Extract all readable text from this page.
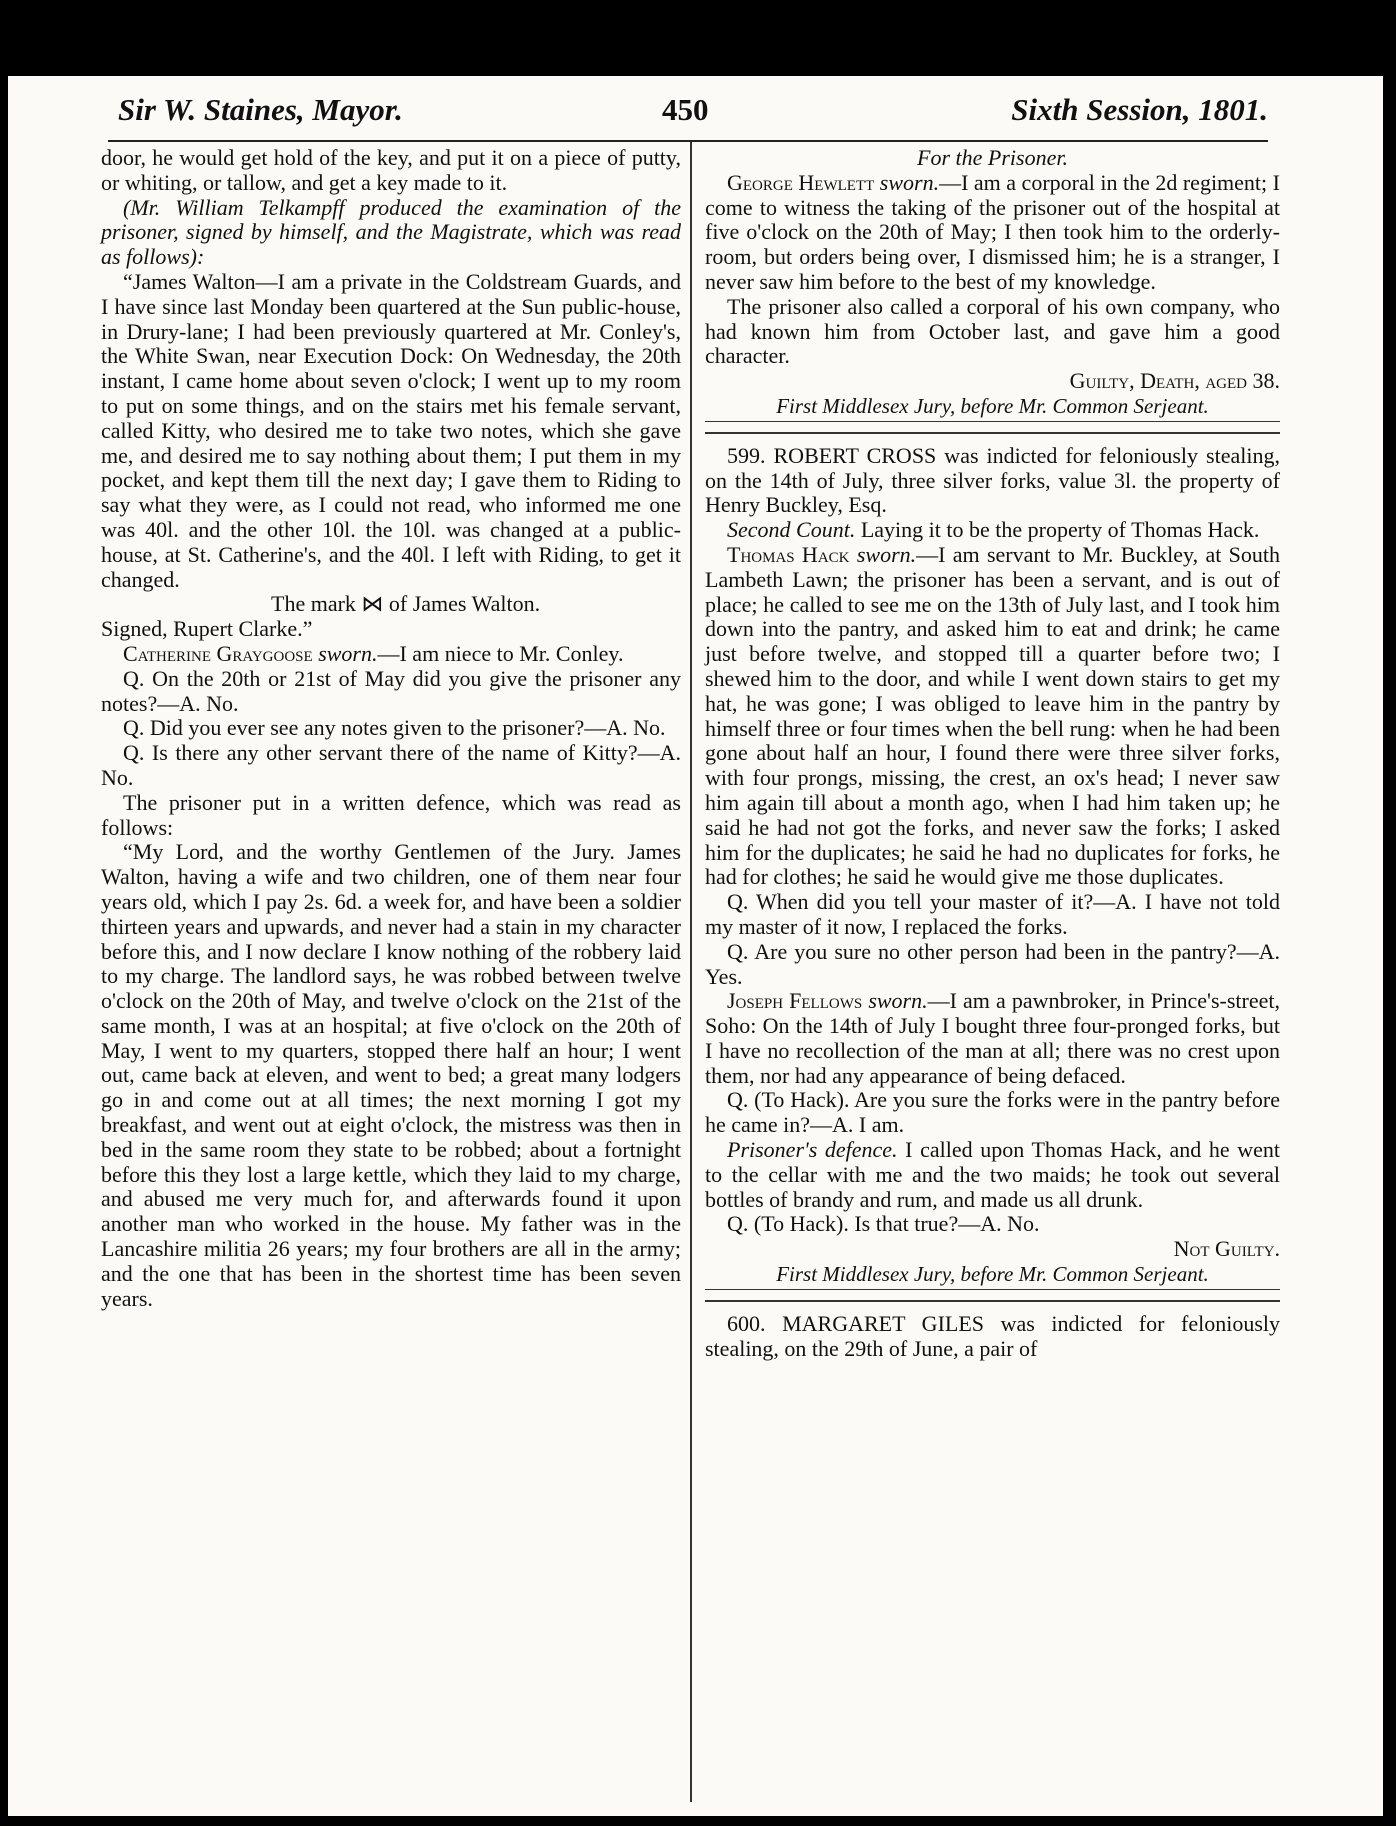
Sir W. Staines, Mayor.	450	Sixth Session, 1801.

door, he would get hold of the key, and put it on a piece of putty, or whiting, or tallow, and get a key made to it.

(Mr. William Telkampff produced the examination of the prisoner, signed by himself, and the Magistrate, which was read as follows):

“James Walton—I am a private in the Coldstream Guards, and I have since last Monday been quartered at the Sun public-house, in Drury-lane; I had been previously quartered at Mr. Conley's, the White Swan, near Execution Dock: On Wednesday, the 20th instant, I came home about seven o'clock; I went up to my room to put on some things, and on the stairs met his female servant, called Kitty, who desired me to take two notes, which she gave me, and desired me to say nothing about them; I put them in my pocket, and kept them till the next day; I gave them to Riding to say what they were, as I could not read, who informed me one was 40l. and the other 10l. the 10l. was changed at a public-house, at St. Catherine's, and the 40l. I left with Riding, to get it changed.

The mark ⋈ of James Walton.

Signed, Rupert Clarke.”

Catherine Graygoose sworn.—I am niece to Mr. Conley.

Q. On the 20th or 21st of May did you give the prisoner any notes?—A. No.

Q. Did you ever see any notes given to the prisoner?—A. No.

Q. Is there any other servant there of the name of Kitty?—A. No.

The prisoner put in a written defence, which was read as follows:

“My Lord, and the worthy Gentlemen of the Jury. James Walton, having a wife and two children, one of them near four years old, which I pay 2s. 6d. a week for, and have been a soldier thirteen years and upwards, and never had a stain in my character before this, and I now declare I know nothing of the robbery laid to my charge. The landlord says, he was robbed between twelve o'clock on the 20th of May, and twelve o'clock on the 21st of the same month, I was at an hospital; at five o'clock on the 20th of May, I went to my quarters, stopped there half an hour; I went out, came back at eleven, and went to bed; a great many lodgers go in and come out at all times; the next morning I got my breakfast, and went out at eight o'clock, the mistress was then in bed in the same room they state to be robbed; about a fortnight before this they lost a large kettle, which they laid to my charge, and abused me very much for, and afterwards found it upon another man who worked in the house. My father was in the Lancashire militia 26 years; my four brothers are all in the army; and the one that has been in the shortest time has been seven years.

For the Prisoner.

George Hewlett sworn.—I am a corporal in the 2d regiment; I come to witness the taking of the prisoner out of the hospital at five o'clock on the 20th of May; I then took him to the orderly-room, but orders being over, I dismissed him; he is a stranger, I never saw him before to the best of my knowledge.

The prisoner also called a corporal of his own company, who had known him from October last, and gave him a good character.

Guilty, Death, aged 38.

First Middlesex Jury, before Mr. Common Serjeant.

599. ROBERT CROSS was indicted for feloniously stealing, on the 14th of July, three silver forks, value 3l. the property of Henry Buckley, Esq.

Second Count. Laying it to be the property of Thomas Hack.

Thomas Hack sworn.—I am servant to Mr. Buckley, at South Lambeth Lawn; the prisoner has been a servant, and is out of place; he called to see me on the 13th of July last, and I took him down into the pantry, and asked him to eat and drink; he came just before twelve, and stopped till a quarter before two; I shewed him to the door, and while I went down stairs to get my hat, he was gone; I was obliged to leave him in the pantry by himself three or four times when the bell rung: when he had been gone about half an hour, I found there were three silver forks, with four prongs, missing, the crest, an ox's head; I never saw him again till about a month ago, when I had him taken up; he said he had not got the forks, and never saw the forks; I asked him for the duplicates; he said he had no duplicates for forks, he had for clothes; he said he would give me those duplicates.

Q. When did you tell your master of it?—A. I have not told my master of it now, I replaced the forks.

Q. Are you sure no other person had been in the pantry?—A. Yes.

Joseph Fellows sworn.—I am a pawnbroker, in Prince's-street, Soho: On the 14th of July I bought three four-pronged forks, but I have no recollection of the man at all; there was no crest upon them, nor had any appearance of being defaced.

Q. (To Hack). Are you sure the forks were in the pantry before he came in?—A. I am.

Prisoner's defence. I called upon Thomas Hack, and he went to the cellar with me and the two maids; he took out several bottles of brandy and rum, and made us all drunk.

Q. (To Hack). Is that true?—A. No.

Not Guilty.

First Middlesex Jury, before Mr. Common Serjeant.

600. MARGARET GILES was indicted for feloniously stealing, on the 29th of June, a pair of
